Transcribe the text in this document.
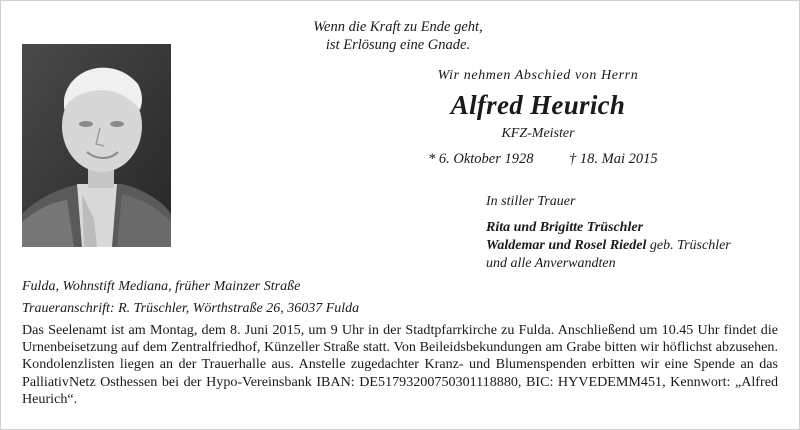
Wenn die Kraft zu Ende geht,
ist Erlösung eine Gnade.
Wir nehmen Abschied von Herrn
Alfred Heurich
KFZ-Meister
* 6. Oktober 1928 † 18. Mai 2015
In stiller Trauer
Rita und Brigitte Trüschler
Waldemar und Rosel Riedel geb. Trüschler
und alle Anverwandten
Fulda, Wohnstift Mediana, früher Mainzer Straße
Traueranschrift: R. Trüschler, Wörthstraße 26, 36037 Fulda
Das Seelenamt ist am Montag, dem 8. Juni 2015, um 9 Uhr in der Stadtpfarrkirche zu Fulda. Anschließend um 10.45 Uhr findet die Urnenbeisetzung auf dem Zentralfriedhof, Künzeller Straße statt. Von Beileidsbekundungen am Grabe bitten wir höflichst abzusehen. Kondolenzlisten liegen an der Trauerhalle aus. Anstelle zugedachter Kranz- und Blumenspenden erbitten wir eine Spende an das PalliativNetz Osthessen bei der Hypo-Vereinsbank IBAN: DE51793200750301118880, BIC: HYVEDEMM451, Kennwort: „Alfred Heurich“.
